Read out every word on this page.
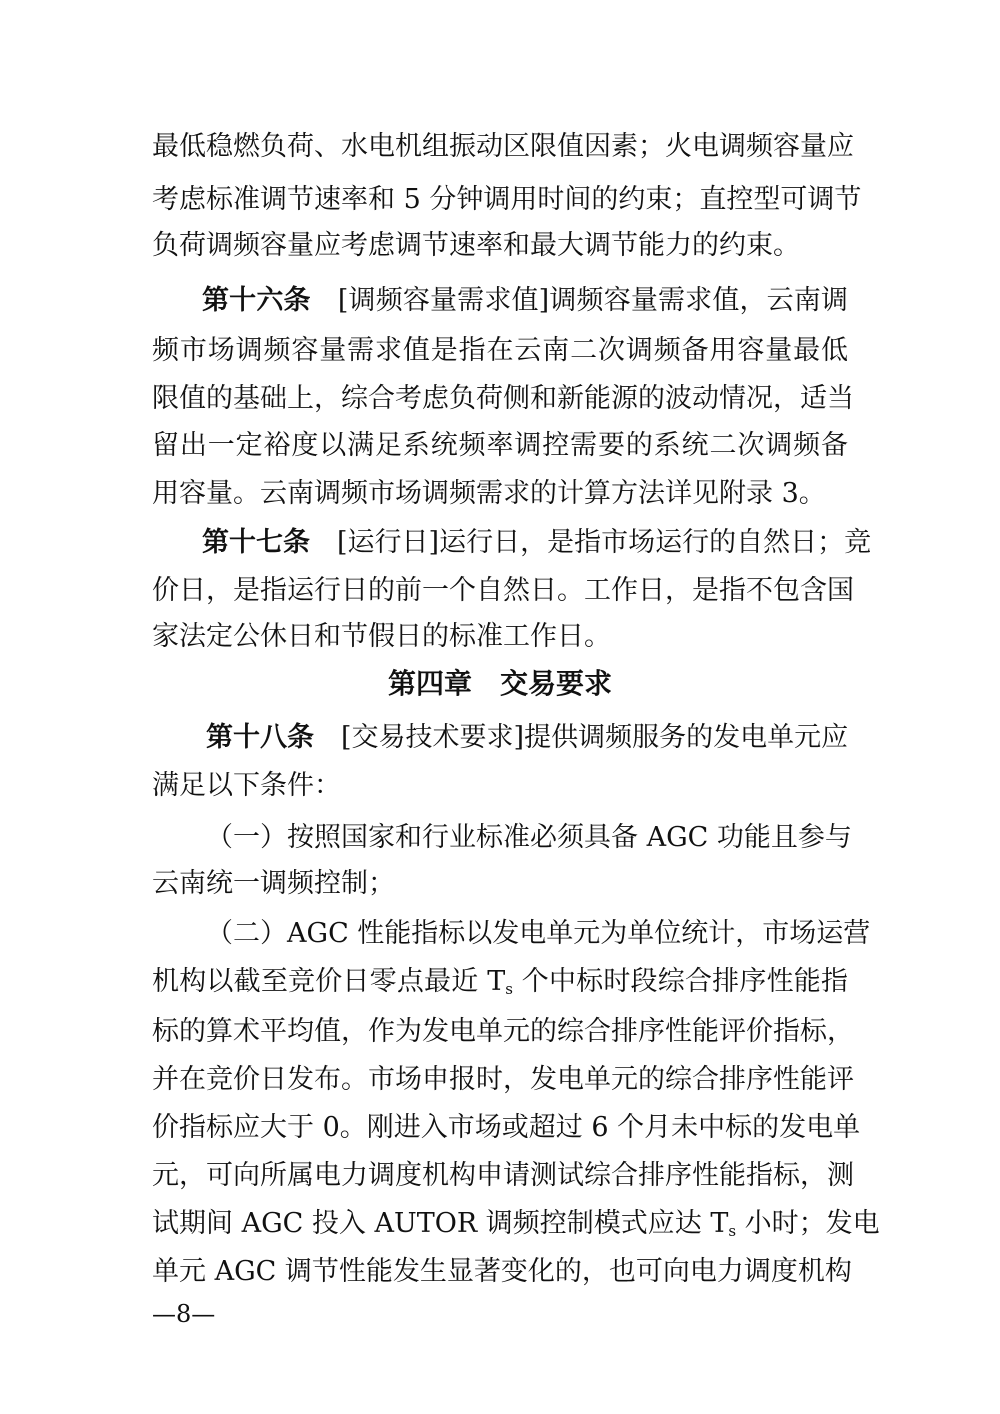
最低稳燃负荷、水电机组振动区限值因素；火电调频容量应
考虑标准调节速率和 5 分钟调用时间的约束；直控型可调节
负荷调频容量应考虑调节速率和最大调节能力的约束。
第十六条　 [调频容量需求值]调频容量需求值，云南调
频市场调频容量需求值是指在云南二次调频备用容量最低
限值的基础上，综合考虑负荷侧和新能源的波动情况，适当
留出一定裕度以满足系统频率调控需要的系统二次调频备
用容量。云南调频市场调频需求的计算方法详见附录 3。
第十七条　 [运行日]运行日，是指市场运行的自然日；竞
价日，是指运行日的前一个自然日。工作日，是指不包含国
家法定公休日和节假日的标准工作日。
第四章　交易要求
第十八条　 [交易技术要求]提供调频服务的发电单元应
满足以下条件：
（一）按照国家和行业标准必须具备 AGC 功能且参与
云南统一调频控制；
（二）AGC 性能指标以发电单元为单位统计，市场运营
机构以截至竞价日零点最近 $T_s$ 个中标时段综合排序性能指
标的算术平均值，作为发电单元的综合排序性能评价指标，
并在竞价日发布。市场申报时，发电单元的综合排序性能评
价指标应大于 0。刚进入市场或超过 6 个月未中标的发电单
元，可向所属电力调度机构申请测试综合排序性能指标，测
试期间 AGC 投入 AUTOR 调频控制模式应达 $T_s$ 小时；发电
单元 AGC 调节性能发生显著变化的，也可向电力调度机构
—8—
